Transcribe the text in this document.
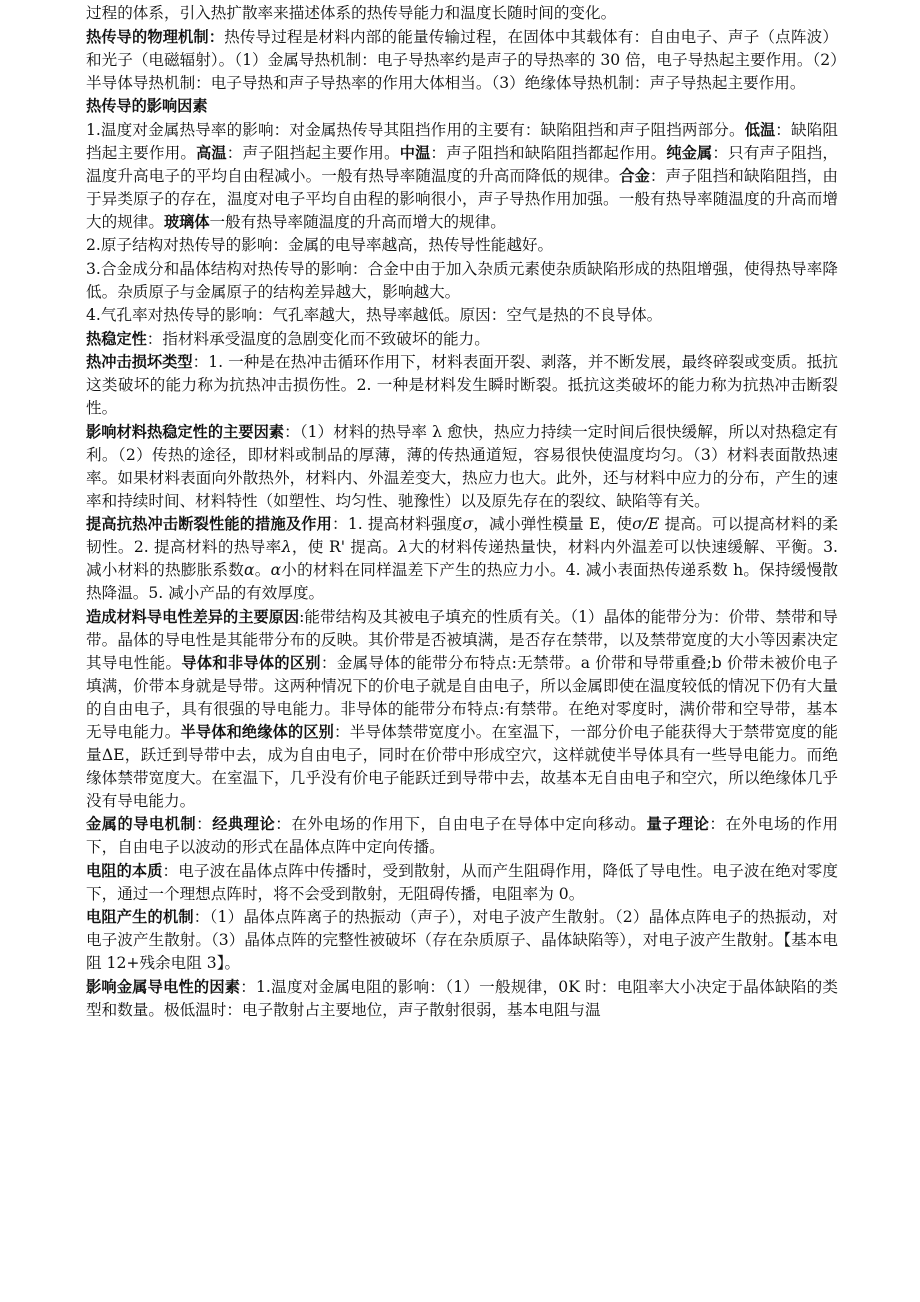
过程的体系，引入热扩散率来描述体系的热传导能力和温度长随时间的变化。

热传导的物理机制：热传导过程是材料内部的能量传输过程，在固体中其载体有：自由电子、声子（点阵波）和光子（电磁辐射）。（1）金属导热机制：电子导热率约是声子的导热率的 30 倍，电子导热起主要作用。（2）半导体导热机制：电子导热和声子导热率的作用大体相当。（3）绝缘体导热机制：声子导热起主要作用。

热传导的影响因素

1.温度对金属热导率的影响：对金属热传导其阻挡作用的主要有：缺陷阻挡和声子阻挡两部分。低温：缺陷阻挡起主要作用。高温：声子阻挡起主要作用。中温：声子阻挡和缺陷阻挡都起作用。纯金属：只有声子阻挡，温度升高电子的平均自由程减小。一般有热导率随温度的升高而降低的规律。合金：声子阻挡和缺陷阻挡，由于异类原子的存在，温度对电子平均自由程的影响很小，声子导热作用加强。一般有热导率随温度的升高而增大的规律。玻璃体一般有热导率随温度的升高而增大的规律。

2.原子结构对热传导的影响：金属的电导率越高，热传导性能越好。

3.合金成分和晶体结构对热传导的影响：合金中由于加入杂质元素使杂质缺陷形成的热阻增强，使得热导率降低。杂质原子与金属原子的结构差异越大，影响越大。

4.气孔率对热传导的影响：气孔率越大，热导率越低。原因：空气是热的不良导体。

热稳定性：指材料承受温度的急剧变化而不致破坏的能力。

热冲击损坏类型：1. 一种是在热冲击循环作用下，材料表面开裂、剥落，并不断发展，最终碎裂或变质。抵抗这类破坏的能力称为抗热冲击损伤性。2. 一种是材料发生瞬时断裂。抵抗这类破坏的能力称为抗热冲击断裂性。

影响材料热稳定性的主要因素：（1）材料的热导率 λ 愈快，热应力持续一定时间后很快缓解，所以对热稳定有利。（2）传热的途径，即材料或制品的厚薄，薄的传热通道短，容易很快使温度均匀。（3）材料表面散热速率。如果材料表面向外散热外，材料内、外温差变大，热应力也大。此外，还与材料中应力的分布，产生的速率和持续时间、材料特性（如塑性、均匀性、驰豫性）以及原先存在的裂纹、缺陷等有关。

提高抗热冲击断裂性能的措施及作用：1. 提高材料强度σ，减小弹性模量 E，使σ/E 提高。可以提高材料的柔韧性。2. 提高材料的热导率λ，使 R' 提高。λ大的材料传递热量快，材料内外温差可以快速缓解、平衡。3. 减小材料的热膨胀系数α。α小的材料在同样温差下产生的热应力小。4. 减小表面热传递系数 h。保持缓慢散热降温。5. 减小产品的有效厚度。

造成材料导电性差异的主要原因:能带结构及其被电子填充的性质有关。（1）晶体的能带分为：价带、禁带和导带。晶体的导电性是其能带分布的反映。其价带是否被填满，是否存在禁带，以及禁带宽度的大小等因素决定其导电性能。导体和非导体的区别：金属导体的能带分布特点:无禁带。a 价带和导带重叠;b 价带未被价电子填满，价带本身就是导带。这两种情况下的价电子就是自由电子，所以金属即使在温度较低的情况下仍有大量的自由电子，具有很强的导电能力。非导体的能带分布特点:有禁带。在绝对零度时，满价带和空导带，基本无导电能力。半导体和绝缘体的区别：半导体禁带宽度小。在室温下，一部分价电子能获得大于禁带宽度的能量ΔE，跃迁到导带中去，成为自由电子，同时在价带中形成空穴，这样就使半导体具有一些导电能力。而绝缘体禁带宽度大。在室温下，几乎没有价电子能跃迁到导带中去，故基本无自由电子和空穴，所以绝缘体几乎没有导电能力。

金属的导电机制：经典理论：在外电场的作用下，自由电子在导体中定向移动。量子理论：在外电场的作用下，自由电子以波动的形式在晶体点阵中定向传播。

电阻的本质：电子波在晶体点阵中传播时，受到散射，从而产生阻碍作用，降低了导电性。电子波在绝对零度下，通过一个理想点阵时，将不会受到散射，无阻碍传播，电阻率为 0。

电阻产生的机制：（1）晶体点阵离子的热振动（声子），对电子波产生散射。（2）晶体点阵电子的热振动，对电子波产生散射。（3）晶体点阵的完整性被破坏（存在杂质原子、晶体缺陷等），对电子波产生散射。【基本电阻 12+残余电阻 3】。

影响金属导电性的因素：1.温度对金属电阻的影响：（1）一般规律，0K 时：电阻率大小决定于晶体缺陷的类型和数量。极低温时：电子散射占主要地位，声子散射很弱，基本电阻与温
